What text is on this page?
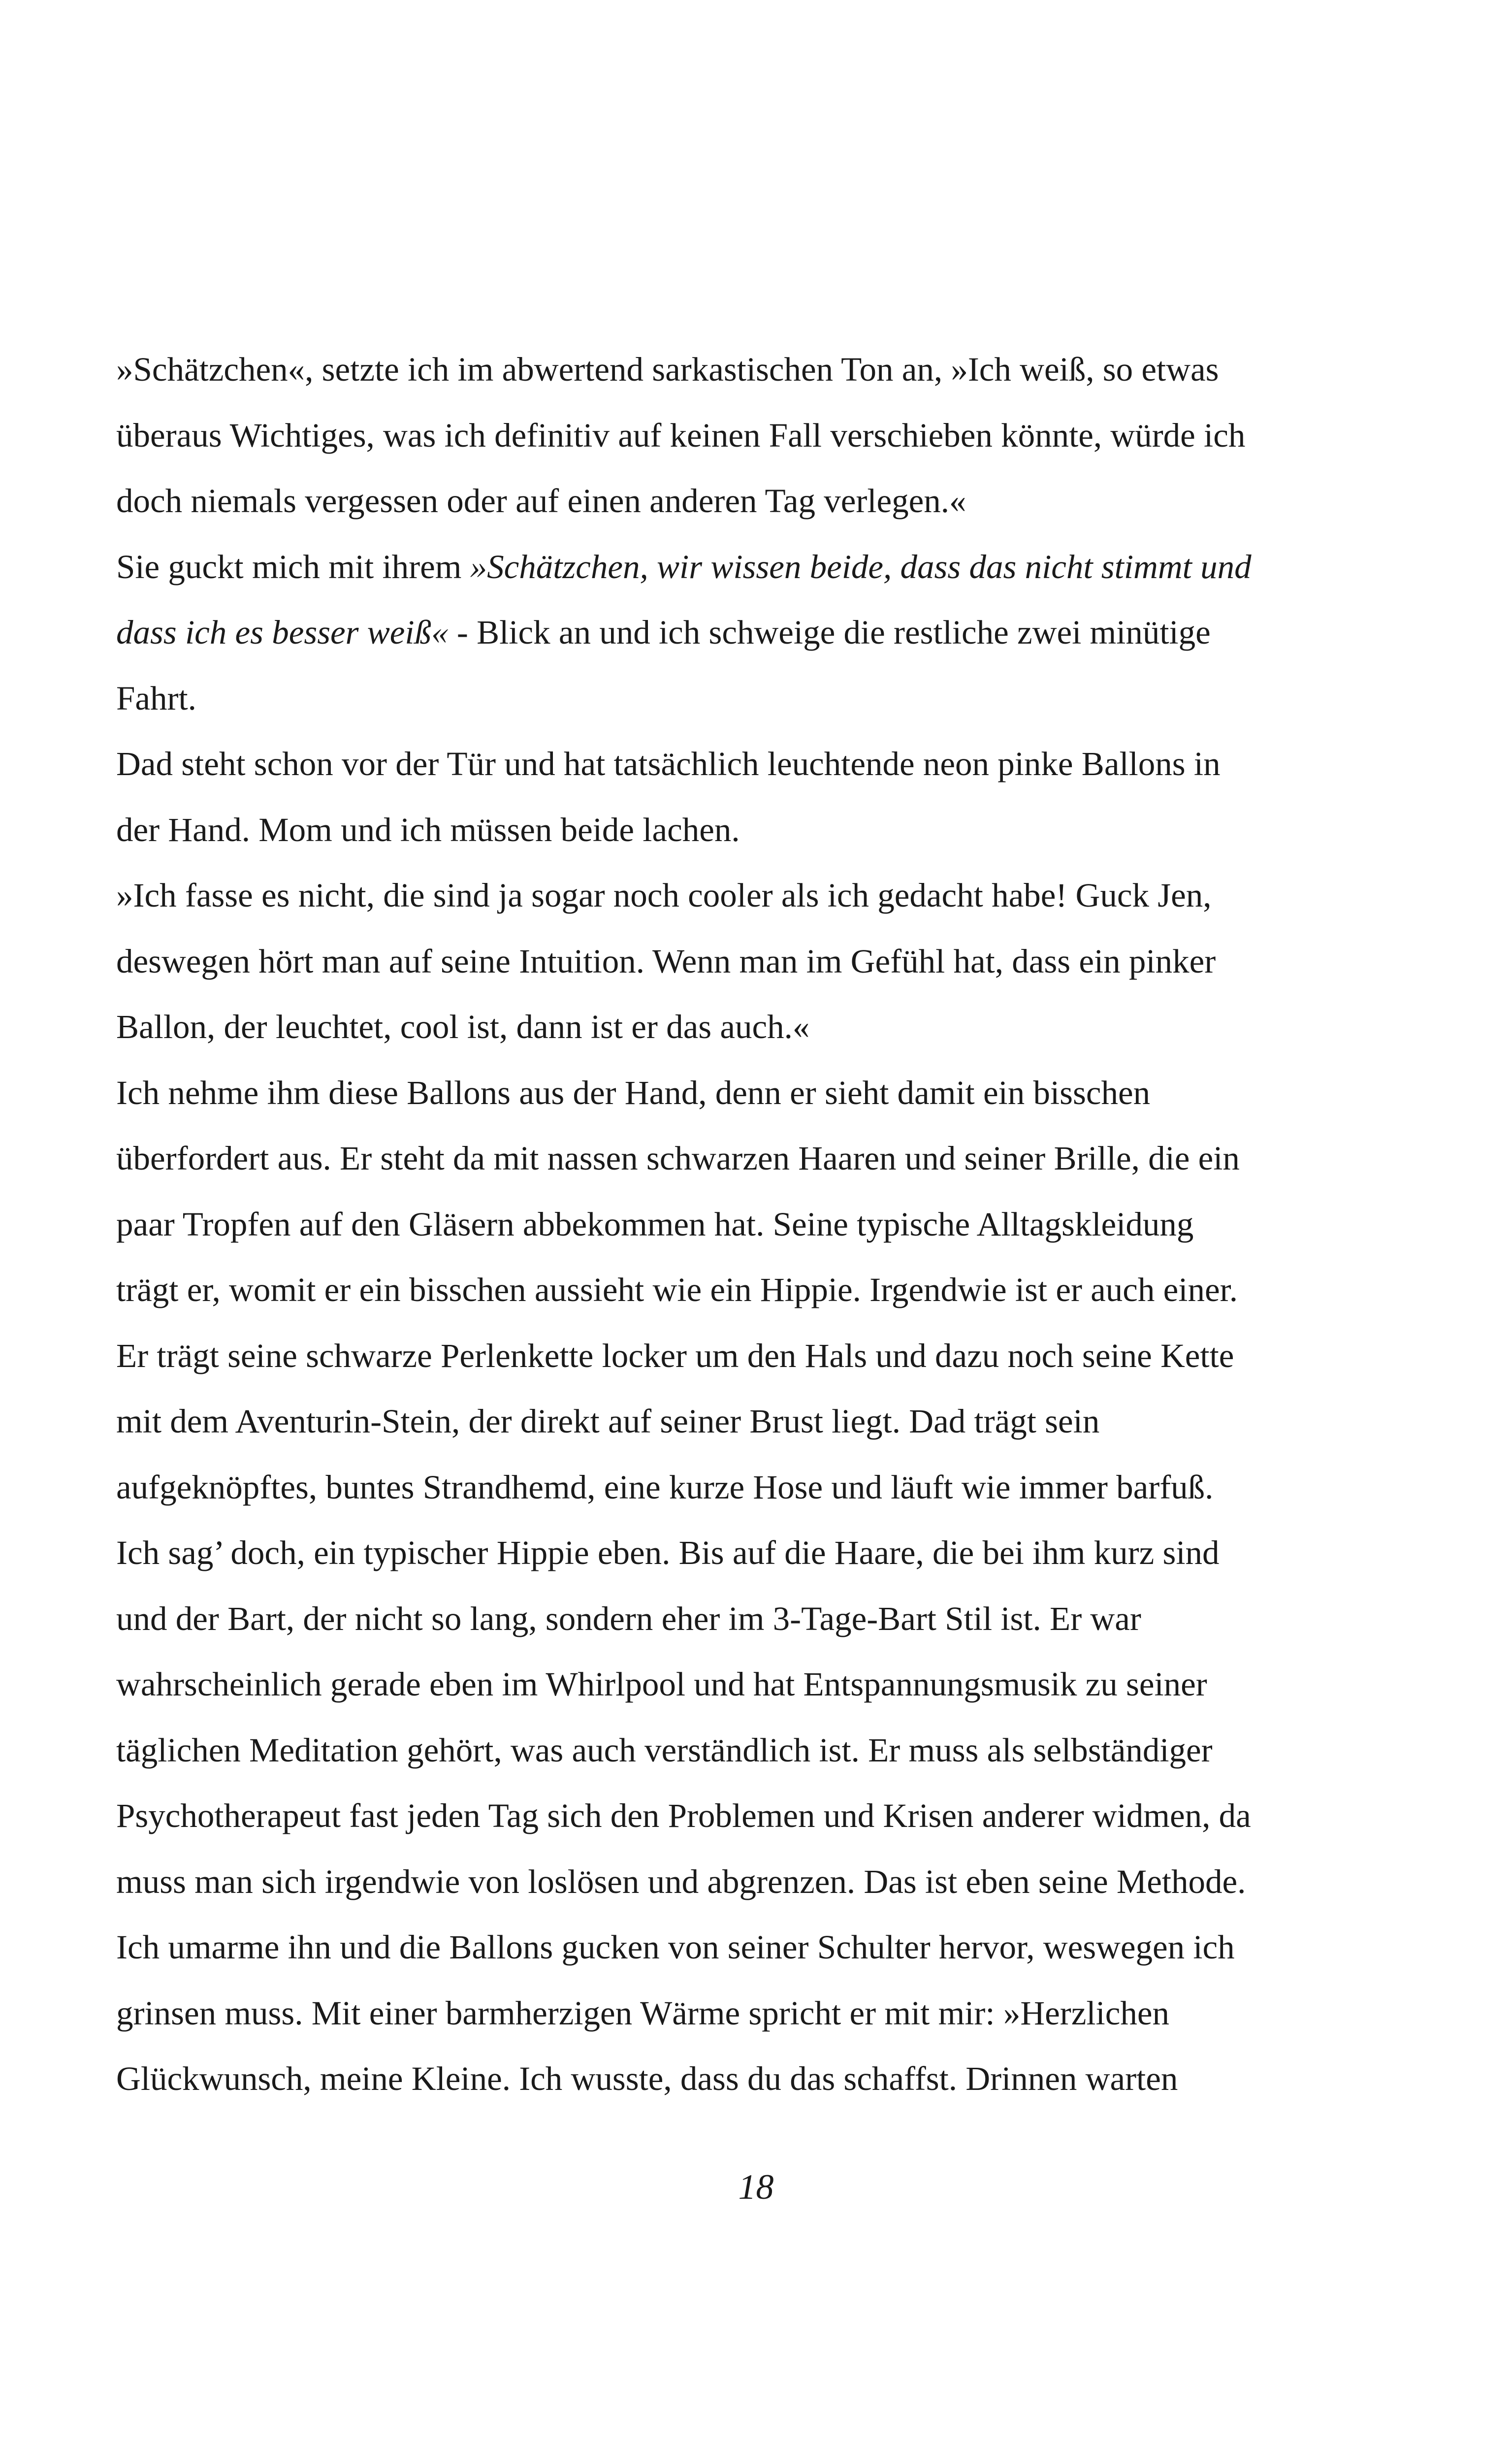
»Schätzchen«, setzte ich im abwertend sarkastischen Ton an, »Ich weiß, so etwas
überaus Wichtiges, was ich definitiv auf keinen Fall verschieben könnte, würde ich
doch niemals vergessen oder auf einen anderen Tag verlegen.«
Sie guckt mich mit ihrem »Schätzchen, wir wissen beide, dass das nicht stimmt und
dass ich es besser weiß« - Blick an und ich schweige die restliche zwei minütige
Fahrt.
Dad steht schon vor der Tür und hat tatsächlich leuchtende neon pinke Ballons in
der Hand. Mom und ich müssen beide lachen.
»Ich fasse es nicht, die sind ja sogar noch cooler als ich gedacht habe! Guck Jen,
deswegen hört man auf seine Intuition. Wenn man im Gefühl hat, dass ein pinker
Ballon, der leuchtet, cool ist, dann ist er das auch.«
Ich nehme ihm diese Ballons aus der Hand, denn er sieht damit ein bisschen
überfordert aus. Er steht da mit nassen schwarzen Haaren und seiner Brille, die ein
paar Tropfen auf den Gläsern abbekommen hat. Seine typische Alltagskleidung
trägt er, womit er ein bisschen aussieht wie ein Hippie. Irgendwie ist er auch einer.
Er trägt seine schwarze Perlenkette locker um den Hals und dazu noch seine Kette
mit dem Aventurin-Stein, der direkt auf seiner Brust liegt. Dad trägt sein
aufgeknöpftes, buntes Strandhemd, eine kurze Hose und läuft wie immer barfuß.
Ich sag’ doch, ein typischer Hippie eben. Bis auf die Haare, die bei ihm kurz sind
und der Bart, der nicht so lang, sondern eher im 3-Tage-Bart Stil ist. Er war
wahrscheinlich gerade eben im Whirlpool und hat Entspannungsmusik zu seiner
täglichen Meditation gehört, was auch verständlich ist. Er muss als selbständiger
Psychotherapeut fast jeden Tag sich den Problemen und Krisen anderer widmen, da
muss man sich irgendwie von loslösen und abgrenzen. Das ist eben seine Methode.
Ich umarme ihn und die Ballons gucken von seiner Schulter hervor, weswegen ich
grinsen muss. Mit einer barmherzigen Wärme spricht er mit mir: »Herzlichen
Glückwunsch, meine Kleine. Ich wusste, dass du das schaffst. Drinnen warten
18
